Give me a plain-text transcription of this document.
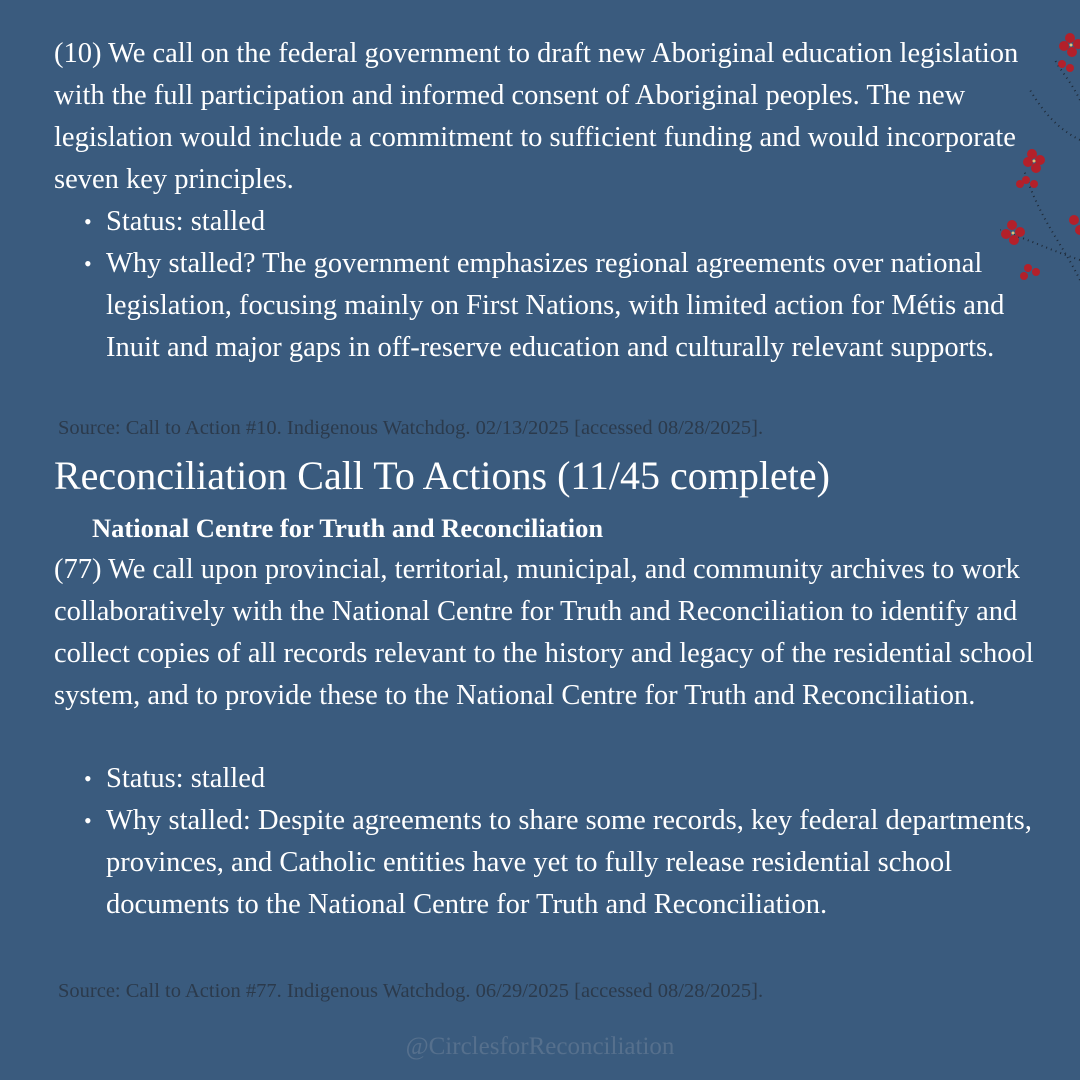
(10) We call on the federal government to draft new Aboriginal education legislation with the full participation and informed consent of Aboriginal peoples. The new legislation would include a commitment to sufficient funding and would incorporate seven key principles.

• Status: stalled
• Why stalled? The government emphasizes regional agreements over national legislation, focusing mainly on First Nations, with limited action for Métis and Inuit and major gaps in off-reserve education and culturally relevant supports.
Source: Call to Action #10. Indigenous Watchdog. 02/13/2025 [accessed 08/28/2025].
Reconciliation Call To Actions (11/45 complete)
National Centre for Truth and Reconciliation

(77) We call upon provincial, territorial, municipal, and community archives to work collaboratively with the National Centre for Truth and Reconciliation to identify and collect copies of all records relevant to the history and legacy of the residential school system, and to provide these to the National Centre for Truth and Reconciliation.

• Status: stalled
• Why stalled: Despite agreements to share some records, key federal departments, provinces, and Catholic entities have yet to fully release residential school documents to the National Centre for Truth and Reconciliation.
Source: Call to Action #77. Indigenous Watchdog. 06/29/2025 [accessed 08/28/2025].
@CirclesforReconciliation
